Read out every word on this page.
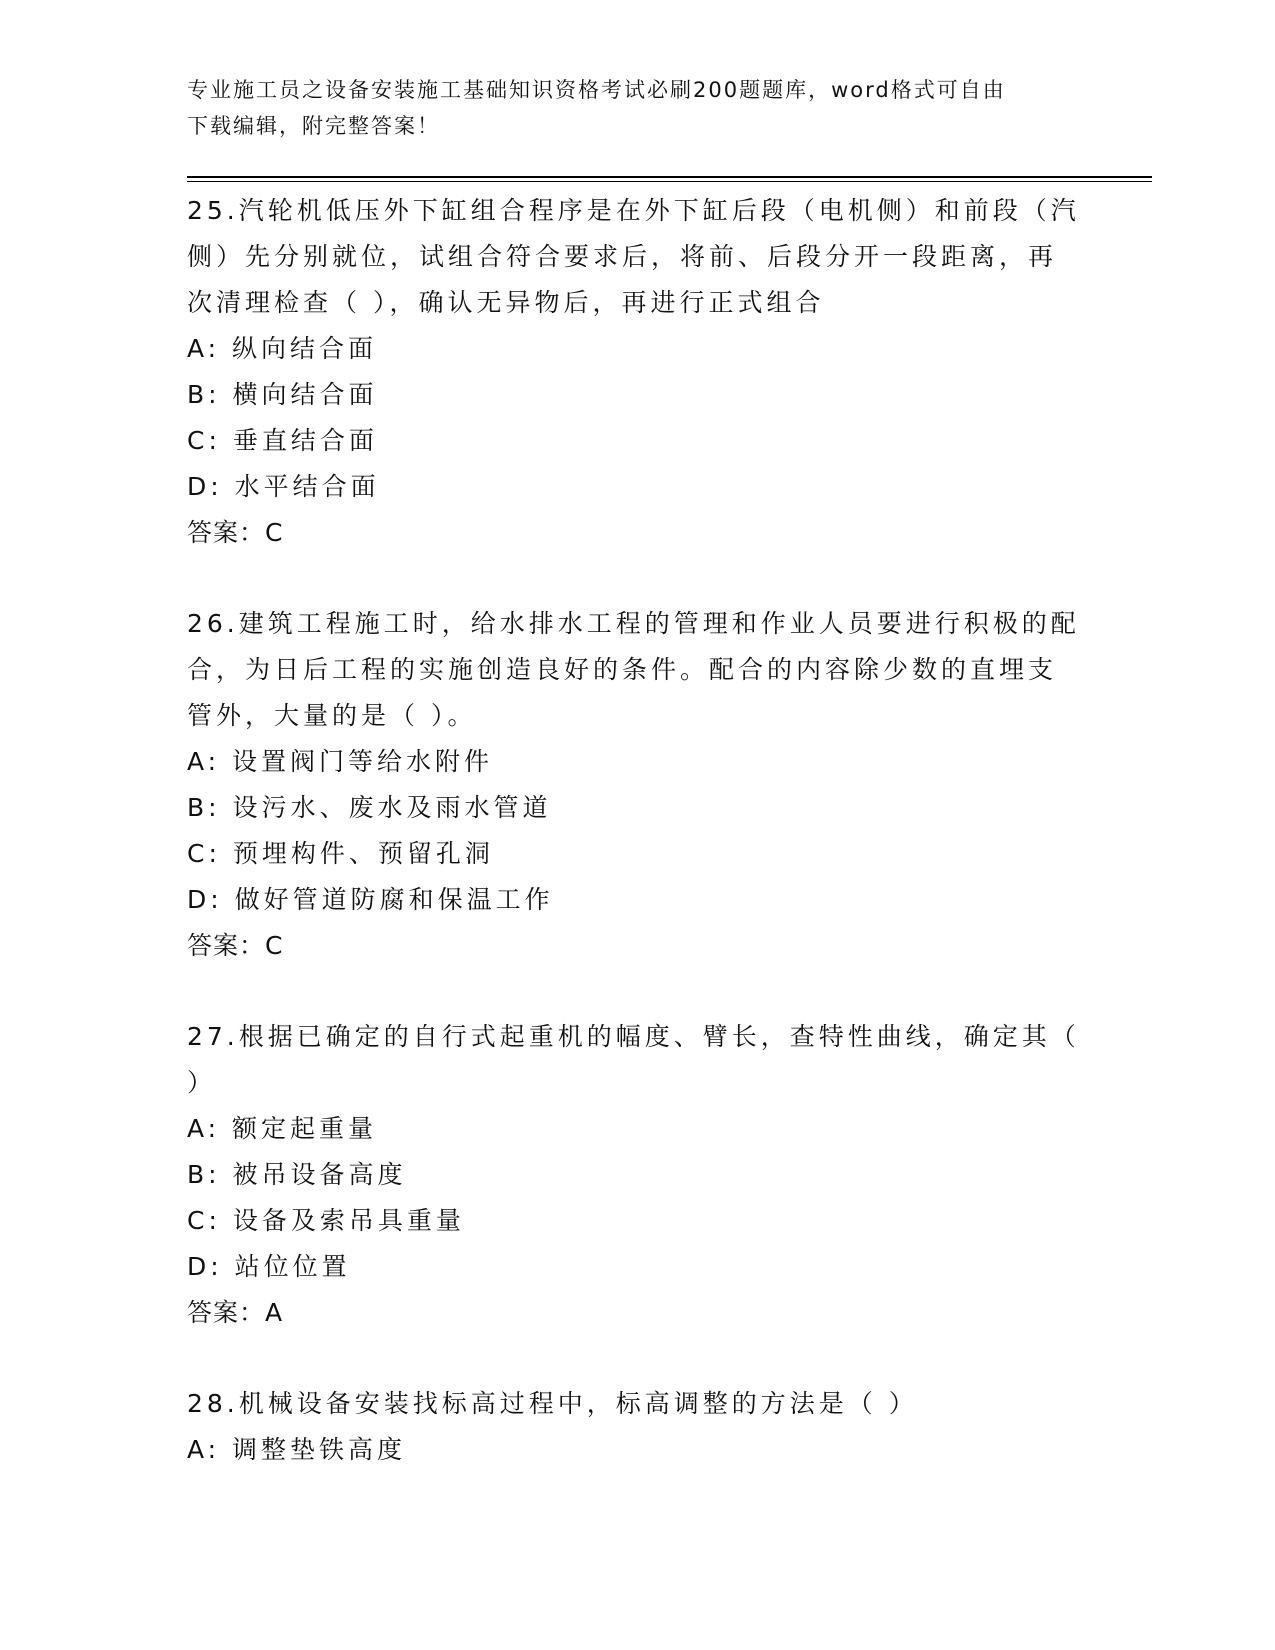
专业施工员之设备安装施工基础知识资格考试必刷200题题库，word格式可自由
下载编辑，附完整答案！
25.汽轮机低压外下缸组合程序是在外下缸后段（电机侧）和前段（汽
侧）先分别就位，试组合符合要求后，将前、后段分开一段距离，再
次清理检查（ ），确认无异物后，再进行正式组合
A: 纵向结合面
B: 横向结合面
C: 垂直结合面
D: 水平结合面
答案：C
26.建筑工程施工时，给水排水工程的管理和作业人员要进行积极的配
合，为日后工程的实施创造良好的条件。配合的内容除少数的直埋支
管外，大量的是（ ）。
A: 设置阀门等给水附件
B: 设污水、废水及雨水管道
C: 预埋构件、预留孔洞
D: 做好管道防腐和保温工作
答案：C
27.根据已确定的自行式起重机的幅度、臂长，查特性曲线，确定其（
）
A: 额定起重量
B: 被吊设备高度
C: 设备及索吊具重量
D: 站位位置
答案：A
28.机械设备安装找标高过程中，标高调整的方法是（ ）
A: 调整垫铁高度
